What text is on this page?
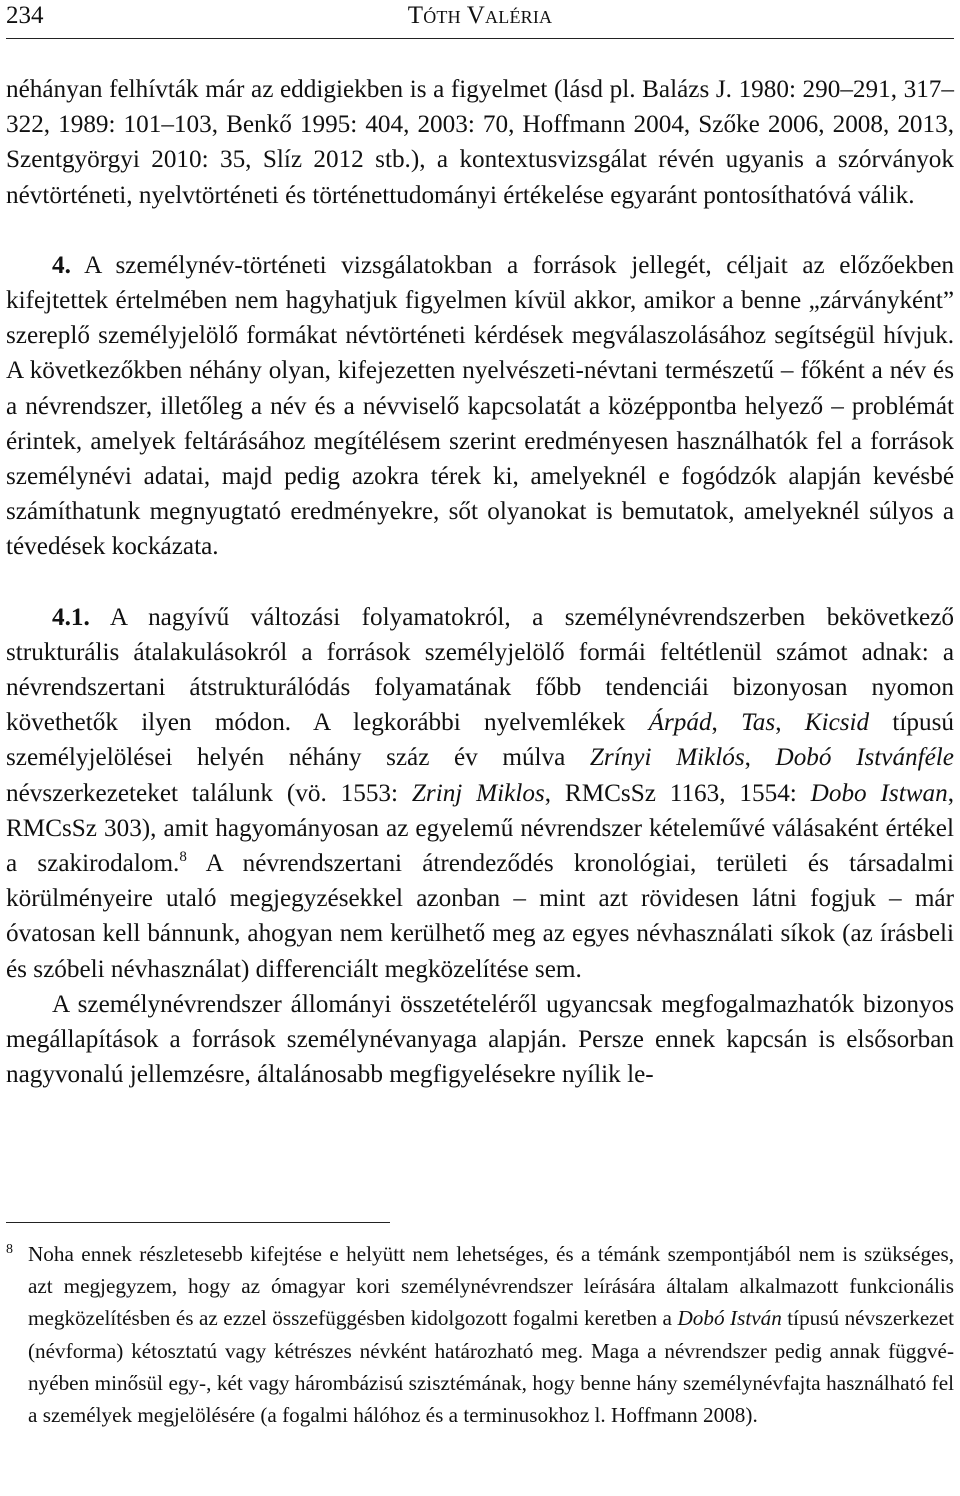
234	Tóth Valéria

néhányan felhívták már az eddigiekben is a figyelmet (lásd pl. Balázs J. 1980: 290–291, 317–322, 1989: 101–103, Benkő 1995: 404, 2003: 70, Hoffmann 2004, Szőke 2006, 2008, 2013, Szentgyörgyi 2010: 35, Slíz 2012 stb.), a kontextusvizsgálat révén ugyanis a szórványok névtörténeti, nyelvtörténeti és történettudományi értékelése egyaránt pontosíthatóvá válik.

4. A személynév-történeti vizsgálatokban a források jellegét, céljait az előzőekben kifejtettek értelmében nem hagyhatjuk figyelmen kívül akkor, amikor a benne „zárványként” szereplő személyjelölő formákat névtörténeti kérdések megválaszolásához segítségül hívjuk. A következőkben néhány olyan, kifejezetten nyelvészeti-névtani természetű ‒ főként a név és a névrendszer, illetőleg a név és a névviselő kapcsolatát a középpontba helyező ‒ problémát érintek, amelyek feltárásához megítélésem szerint eredményesen használhatók fel a források személynévi adatai, majd pedig azokra térek ki, amelyeknél e fogódzók alapján kevésbé számíthatunk megnyugtató eredményekre, sőt olyanokat is bemutatok, amelyeknél súlyos a tévedések kockázata.

4.1. A nagyívű változási folyamatokról, a személynévrendszerben bekövetkező strukturális átalakulásokról a források személyjelölő formái feltétlenül számot adnak: a névrendszertani átstrukturálódás folyamatának főbb tendenciái bizonyosan nyomon követhetők ilyen módon. A legkorábbi nyelvemlékek Árpád, Tas, Kicsid típusú személyjelölései helyén néhány száz év múlva Zrínyi Miklós, Dobó Istvánféle névszerkezeteket találunk (vö. 1553: Zrinj Miklos, RMCsSz 1163, 1554: Dobo Istwan, RMCsSz 303), amit hagyományosan az egyelemű névrendszer kételeművé válásaként értékel a szakirodalom.$^8$ A névrendszertani átrendeződés kronológiai, területi és társadalmi körülményeire utaló megjegyzésekkel azonban ‒ mint azt rövidesen látni fogjuk ‒ már óvatosan kell bánnunk, ahogyan nem kerülhető meg az egyes névhasználati síkok (az írásbeli és szóbeli névhasználat) differenciált megközelítése sem.

A személynévrendszer állományi összetételéről ugyancsak megfogalmazhatók bizonyos megállapítások a források személynévanyaga alapján. Persze ennek kapcsán is elsősorban nagyvonalú jellemzésre, általánosabb megfigyelésekre nyílik le-

8 Noha ennek részletesebb kifejtése e helyütt nem lehetséges, és a témánk szempontjából nem is szükséges, azt megjegyzem, hogy az ómagyar kori személynévrendszer leírására általam alkalmazott funkcionális megközelítésben és az ezzel összefüggésben kidolgozott fogalmi keretben a Dobó István típusú névszerkezet (névforma) kétosztatú vagy kétrészes névként határozható meg. Maga a névrendszer pedig annak függvényében minősül egy-, két vagy hárombázisú szisztémának, hogy benne hány személynévfajta használható fel a személyek megjelölésére (a fogalmi hálóhoz és a terminusokhoz l. Hoffmann 2008).
